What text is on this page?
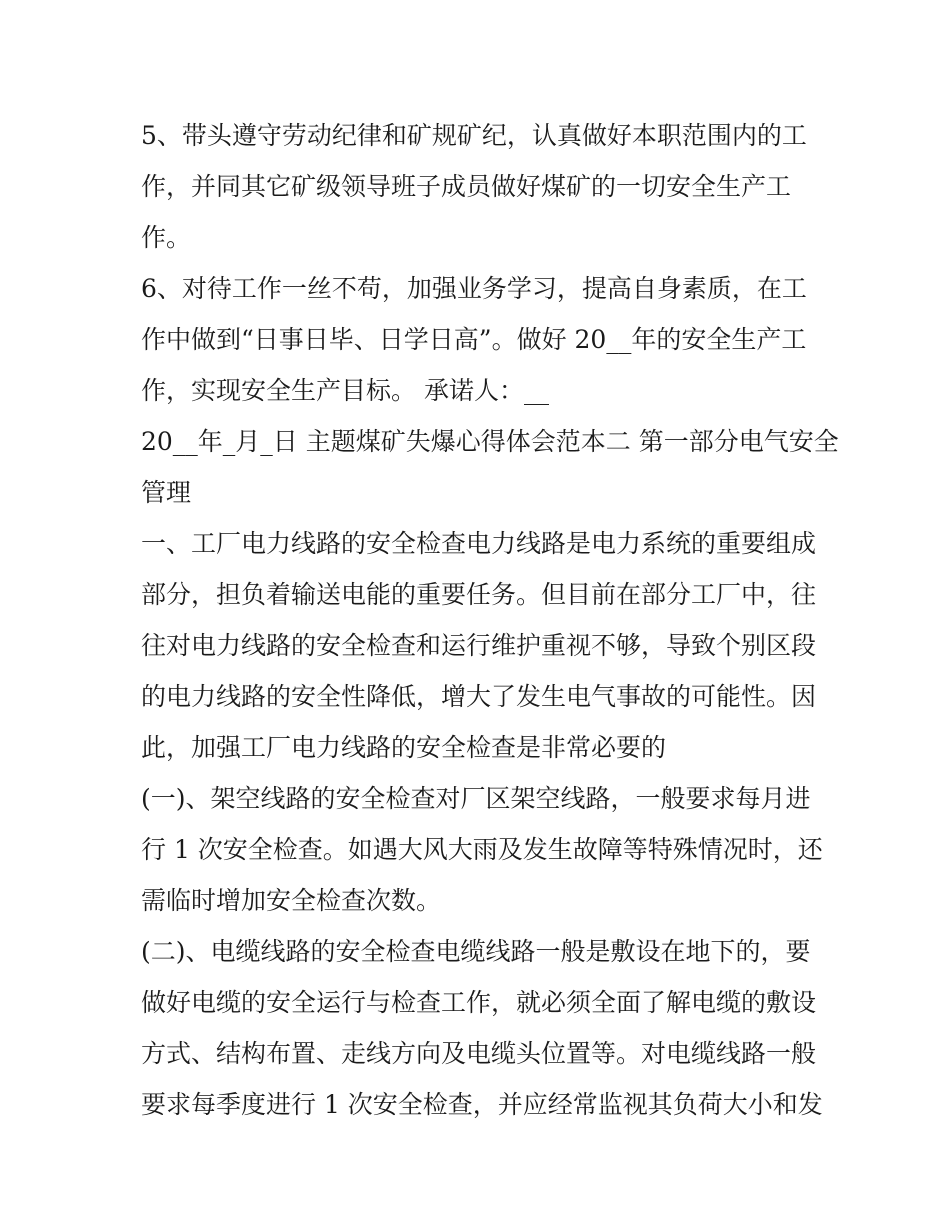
5、带头遵守劳动纪律和矿规矿纪，认真做好本职范围内的工

作，并同其它矿级领导班子成员做好煤矿的一切安全生产工

作。

6、对待工作一丝不苟，加强业务学习，提高自身素质，在工

作中做到“日事日毕、日学日高”。做好 20__年的安全生产工

作，实现安全生产目标。 承诺人：__

20__年_月_日 主题煤矿失爆心得体会范本二 第一部分电气安全

管理

一、工厂电力线路的安全检查电力线路是电力系统的重要组成

部分，担负着输送电能的重要任务。但目前在部分工厂中，往

往对电力线路的安全检查和运行维护重视不够，导致个别区段

的电力线路的安全性降低，增大了发生电气事故的可能性。因

此，加强工厂电力线路的安全检查是非常必要的

(一)、架空线路的安全检查对厂区架空线路，一般要求每月进

行 1 次安全检查。如遇大风大雨及发生故障等特殊情况时，还

需临时增加安全检查次数。

(二)、电缆线路的安全检查电缆线路一般是敷设在地下的，要

做好电缆的安全运行与检查工作，就必须全面了解电缆的敷设

方式、结构布置、走线方向及电缆头位置等。对电缆线路一般

要求每季度进行 1 次安全检查，并应经常监视其负荷大小和发
